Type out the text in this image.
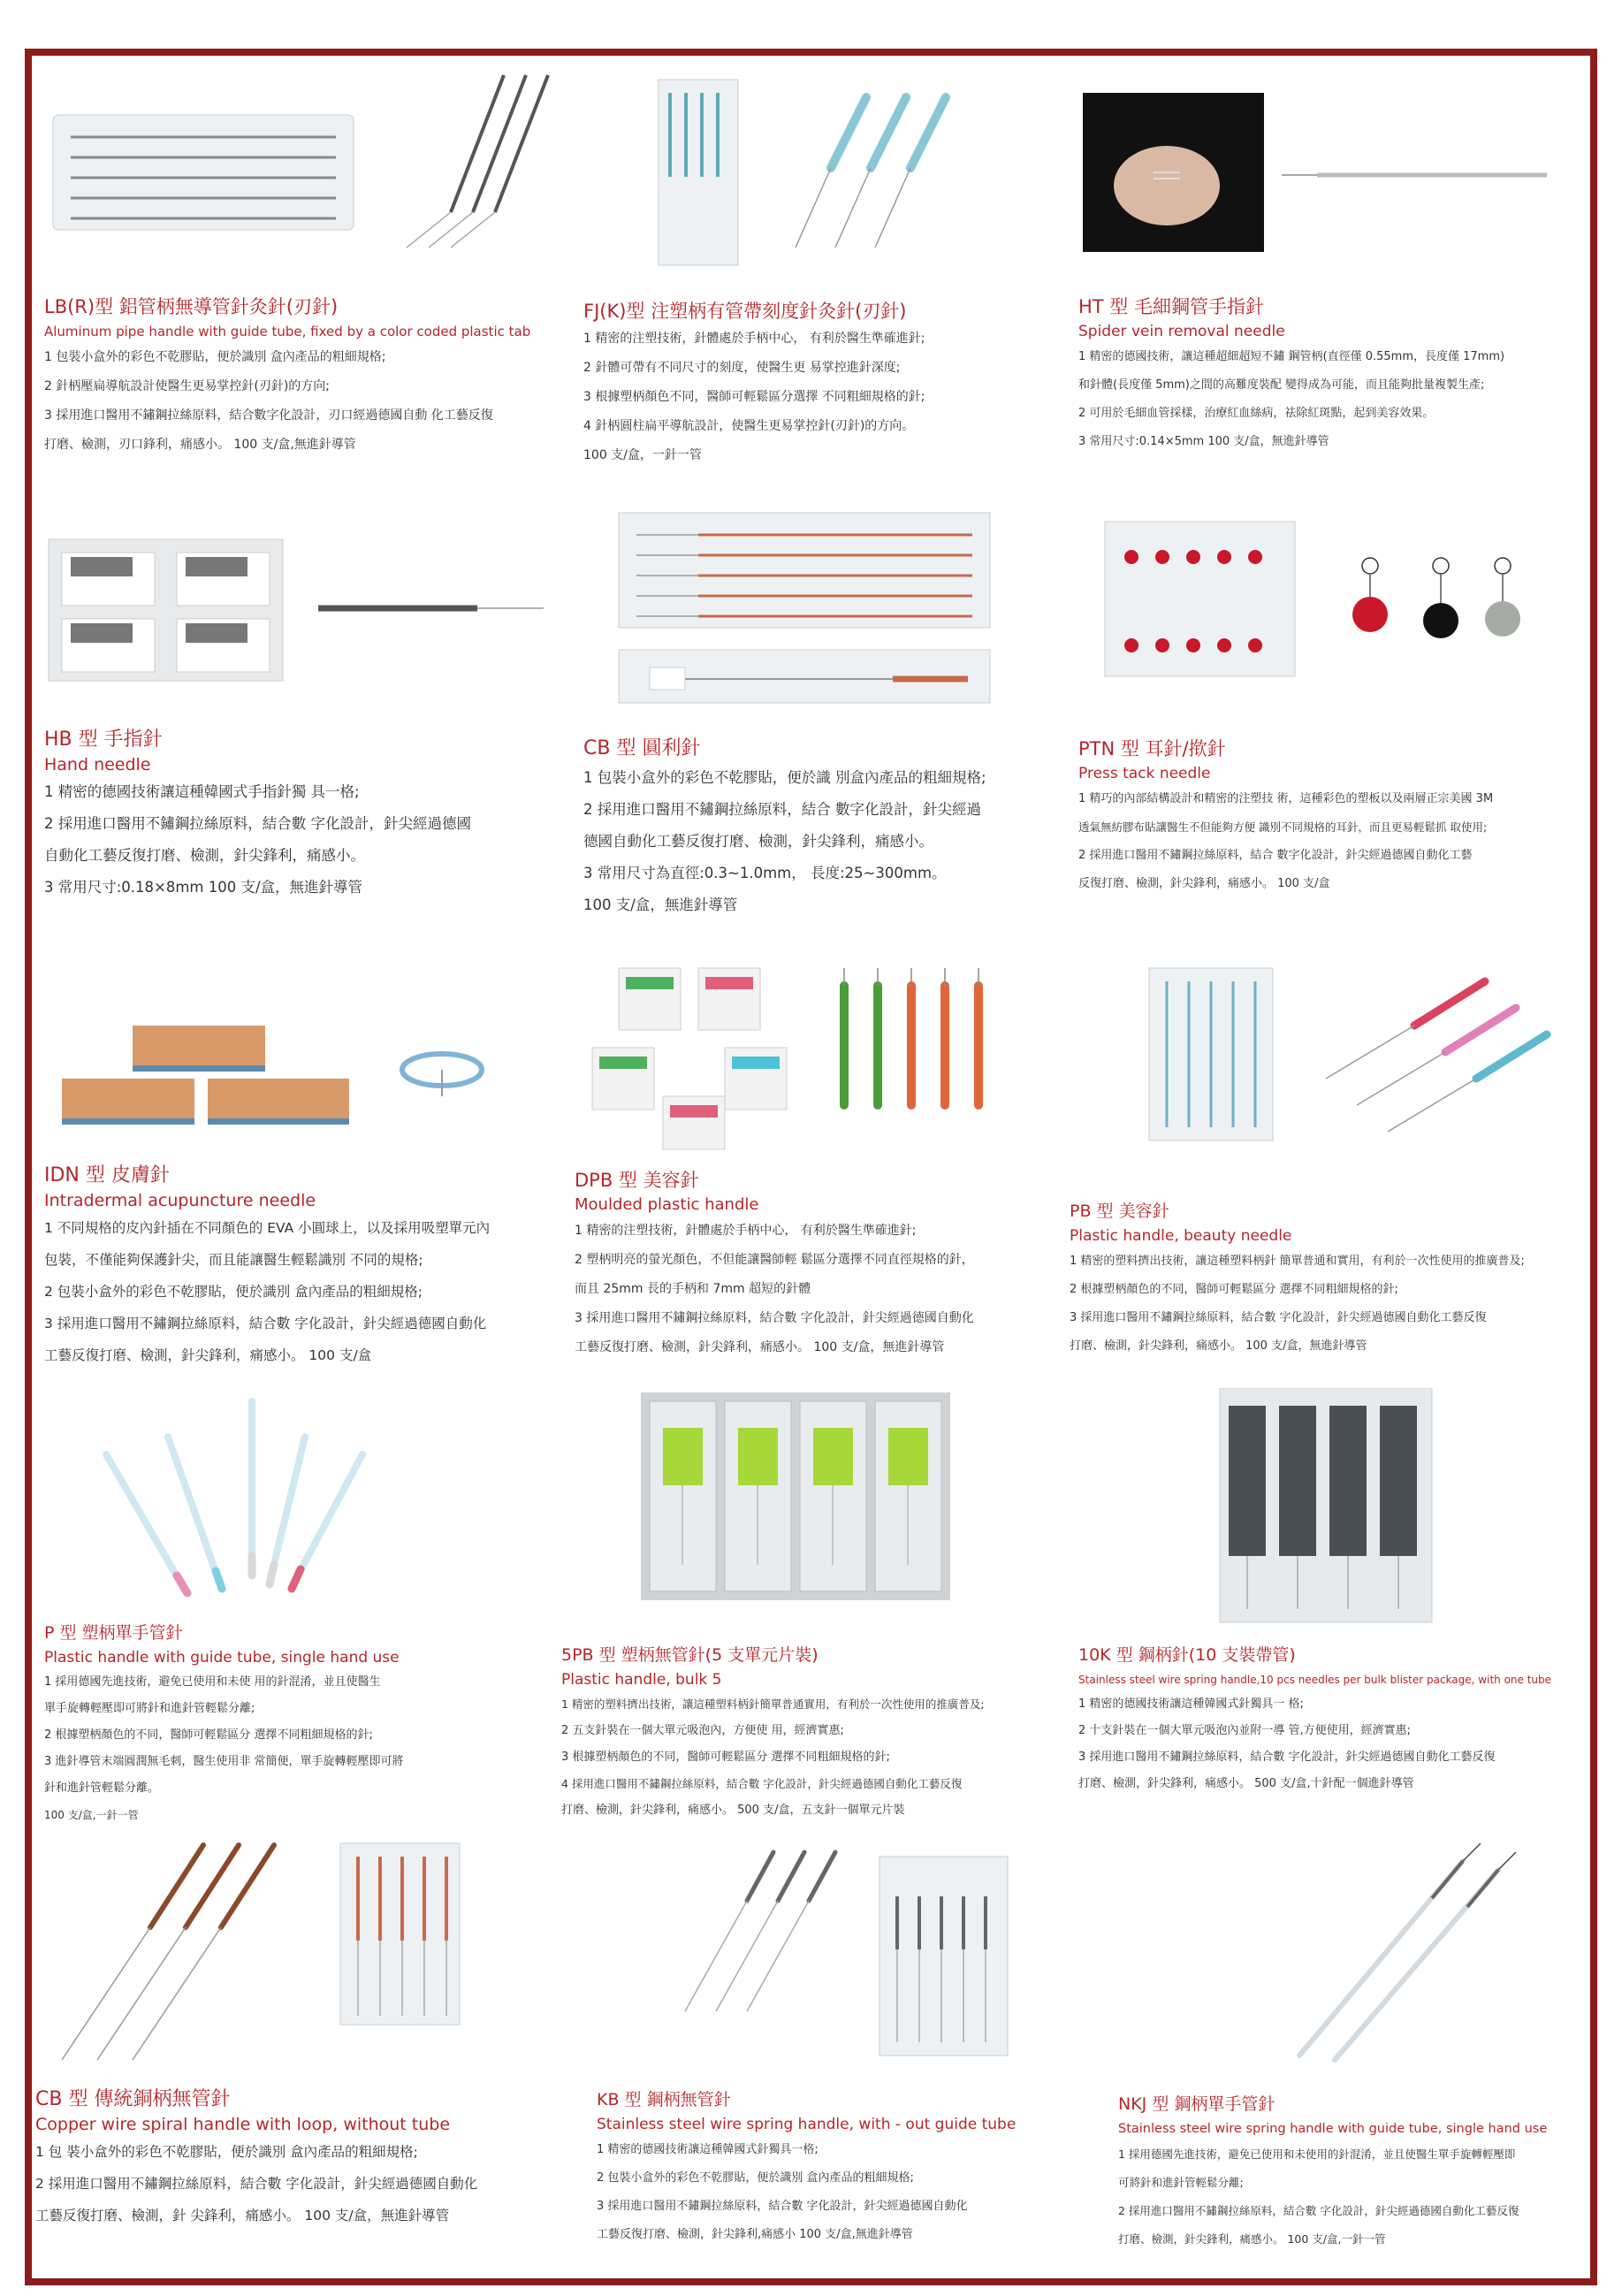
LB(R)型 鋁管柄無導管針灸針(刃針)
Aluminum pipe handle with guide tube, fixed by a color coded plastic tab
1 包裝小盒外的彩色不乾膠貼，便於識別 盒內產品的粗細規格;
2 針柄壓扁導航設計使醫生更易掌控針(刃針)的方向;
3 採用進口醫用不鏽鋼拉絲原料，結合數字化設計，刃口經過德國自動 化工藝反復
打磨、檢測，刃口鋒利，痛感小。 100 支/盒,無進針導管
FJ(K)型 注塑柄有管帶刻度針灸針(刃針)
1 精密的注塑技術，針體處於手柄中心， 有利於醫生準確進針;
2 針體可帶有不同尺寸的刻度，使醫生更 易掌控進針深度;
3 根據塑柄顏色不同，醫師可輕鬆區分選擇 不同粗細規格的針;
4 針柄圓柱扁平導航設計，使醫生更易掌控針(刃針)的方向。
100 支/盒，一針一管
HT 型 毛細鋼管手指針
Spider vein removal needle
1 精密的德國技術，讓這種超細超短不鏽 鋼管柄(直徑僅 0.55mm，長度僅 17mm)
和針體(長度僅 5mm)之間的高難度裝配 變得成為可能，而且能夠批量複製生產;
2 可用於毛細血管採樣，治療紅血絲病，祛除紅斑點，起到美容效果。
3 常用尺寸:0.14×5mm 100 支/盒，無進針導管
HB 型 手指針
Hand needle
1 精密的德國技術讓這種韓國式手指針獨 具一格;
2 採用進口醫用不鏽鋼拉絲原料，結合數 字化設計，針尖經過德國
自動化工藝反復打磨、檢測，針尖鋒利，痛感小。
3 常用尺寸:0.18×8mm 100 支/盒，無進針導管
CB 型 圓利針
1 包裝小盒外的彩色不乾膠貼，便於識 別盒內產品的粗細規格;
2 採用進口醫用不鏽鋼拉絲原料，結合 數字化設計，針尖經過
德國自動化工藝反復打磨、檢測，針尖鋒利，痛感小。
3 常用尺寸為直徑:0.3~1.0mm， 長度:25~300mm。
100 支/盒，無進針導管
PTN 型 耳針/揿針
Press tack needle
1 精巧的內部結構設計和精密的注塑技 術，這種彩色的塑板以及兩層正宗美國 3M
透氣無紡膠布貼讓醫生不但能夠方便 識別不同規格的耳針，而且更易輕鬆抓 取使用;
2 採用進口醫用不鏽鋼拉絲原料，結合 數字化設計，針尖經過德國自動化工藝
反復打磨、檢測，針尖鋒利，痛感小。 100 支/盒
IDN 型 皮膚針
Intradermal acupuncture needle
1 不同規格的皮內針插在不同顏色的 EVA 小圓球上，以及採用吸塑單元內
包裝，不僅能夠保護針尖，而且能讓醫生輕鬆識別 不同的規格;
2 包裝小盒外的彩色不乾膠貼，便於識別 盒內產品的粗細規格;
3 採用進口醫用不鏽鋼拉絲原料，結合數 字化設計，針尖經過德國自動化
工藝反復打磨、檢測，針尖鋒利，痛感小。 100 支/盒
DPB 型 美容針
Moulded plastic handle
1 精密的注塑技術，針體處於手柄中心， 有利於醫生準確進針;
2 塑柄明亮的螢光顏色，不但能讓醫師輕 鬆區分選擇不同直徑規格的針，
而且 25mm 長的手柄和 7mm 超短的針體
3 採用進口醫用不鏽鋼拉絲原料，結合數 字化設計，針尖經過德國自動化
工藝反復打磨、檢測，針尖鋒利，痛感小。 100 支/盒，無進針導管
PB 型 美容針
Plastic handle, beauty needle
1 精密的塑料擠出技術，讓這種塑料柄針 簡單普通和實用，有利於一次性使用的推廣普及;
2 根據塑柄顏色的不同，醫師可輕鬆區分 選擇不同粗細規格的針;
3 採用進口醫用不鏽鋼拉絲原料，結合數 字化設計，針尖經過德國自動化工藝反復
打磨、檢測，針尖鋒利，痛感小。 100 支/盒，無進針導管
P 型 塑柄單手管針
Plastic handle with guide tube, single hand use
1 採用德國先進技術，避免已使用和未使 用的針混淆，並且使醫生
單手旋轉輕壓即可將針和進針管輕鬆分離;
2 根據塑柄顏色的不同，醫師可輕鬆區分 選擇不同粗細規格的針;
3 進針導管末端圓潤無毛刺，醫生使用非 常簡便，單手旋轉輕壓即可將
針和進針管輕鬆分離。
100 支/盒,一針一管
5PB 型 塑柄無管針(5 支單元片裝)
Plastic handle, bulk 5
1 精密的塑料擠出技術，讓這種塑料柄針簡單普通實用，有利於一次性使用的推廣普及;
2 五支針裝在一個大單元吸泡內，方便使 用，經濟實惠;
3 根據塑柄顏色的不同，醫師可輕鬆區分 選擇不同粗細規格的針;
4 採用進口醫用不鏽鋼拉絲原料，結合數 字化設計，針尖經過德國自動化工藝反復
打磨、檢測，針尖鋒利，痛感小。 500 支/盒，五支針一個單元片裝
10K 型 鋼柄針(10 支裝帶管)
Stainless steel wire spring handle,10 pcs needles per bulk blister package, with one tube
1 精密的德國技術讓這種韓國式針獨具一 格;
2 十支針裝在一個大單元吸泡內並附一導 管,方便使用，經濟實惠;
3 採用進口醫用不鏽鋼拉絲原料，結合數 字化設計，針尖經過德國自動化工藝反復
打磨、檢測，針尖鋒利，痛感小。 500 支/盒,十針配一個進針導管
CB 型 傳統銅柄無管針
Copper wire spiral handle with loop, without tube
1 包 裝小盒外的彩色不乾膠貼，便於識別 盒內產品的粗細規格;
2 採用進口醫用不鏽鋼拉絲原料，結合數 字化設計，針尖經過德國自動化
工藝反復打磨、檢測，針 尖鋒利，痛感小。 100 支/盒，無進針導管
KB 型 鋼柄無管針
Stainless steel wire spring handle, with - out guide tube
1 精密的德國技術讓這種韓國式針獨具一格;
2 包裝小盒外的彩色不乾膠貼，便於識別 盒內產品的粗細規格;
3 採用進口醫用不鏽鋼拉絲原料，結合數 字化設計，針尖經過德國自動化
工藝反復打磨、檢測，針尖鋒利,痛感小 100 支/盒,無進針導管
NKJ 型 鋼柄單手管針
Stainless steel wire spring handle with guide tube, single hand use
1 採用德國先進技術，避免已使用和未使用的針混淆，並且使醫生單手旋轉輕壓即
可將針和進針管輕鬆分離;
2 採用進口醫用不鏽鋼拉絲原料，結合數 字化設計，針尖經過德國自動化工藝反復
打磨、檢測，針尖鋒利，痛感小。 100 支/盒,一針一管
